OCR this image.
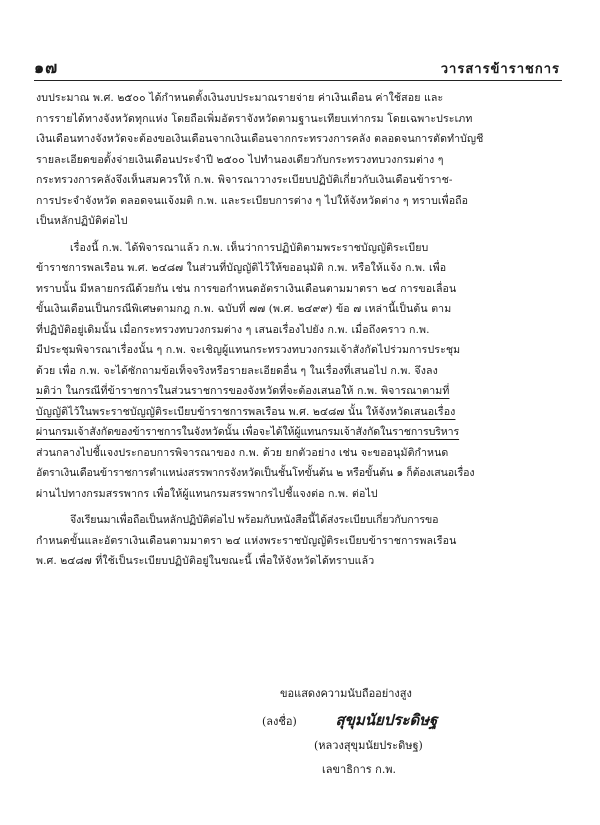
๑๗	วารสารข้าราชการ
งบประมาณ พ.ศ. ๒๕๐๐ ได้กำหนดตั้งเงินงบประมาณรายจ่าย ค่าเงินเดือน ค่าใช้สอย และ
การรายได้ทางจังหวัดทุกแห่ง โดยถือเพิ่มอัตราจังหวัดตามฐานะเทียบเท่ากรม โดยเฉพาะประเภท
เงินเดือนทางจังหวัดจะต้องขอเงินเดือนจากเงินเดือนจากกระทรวงการคลัง ตลอดจนการตัดทำบัญชี
รายละเอียดขอตั้งจ่ายเงินเดือนประจำปี ๒๕๐๐ ไปทำนองเดียวกับกระทรวงทบวงกรมต่าง ๆ
กระทรวงการคลังจึงเห็นสมควรให้ ก.พ. พิจารณาวางระเบียบปฏิบัติเกี่ยวกับเงินเดือนข้าราช-
การประจำจังหวัด ตลอดจนแจ้งมติ ก.พ. และระเบียบการต่าง ๆ ไปให้จังหวัดต่าง ๆ ทราบเพื่อถือ
เป็นหลักปฏิบัติต่อไป
เรื่องนี้ ก.พ. ได้พิจารณาแล้ว ก.พ. เห็นว่าการปฏิบัติตามพระราชบัญญัติระเบียบ
ข้าราชการพลเรือน พ.ศ. ๒๔๘๗ ในส่วนที่บัญญัติไว้ให้ขออนุมัติ ก.พ. หรือให้แจ้ง ก.พ. เพื่อ
ทราบนั้น มีหลายกรณีด้วยกัน เช่น การขอกำหนดอัตราเงินเดือนตามมาตรา ๒๔ การขอเลื่อน
ขั้นเงินเดือนเป็นกรณีพิเศษตามกฎ ก.พ. ฉบับที่ ๗๗ (พ.ศ. ๒๔๙๙) ข้อ ๗ เหล่านี้เป็นต้น ตาม
ที่ปฏิบัติอยู่เดิมนั้น เมื่อกระทรวงทบวงกรมต่าง ๆ เสนอเรื่องไปยัง ก.พ. เมื่อถึงคราว ก.พ.
มีประชุมพิจารณาเรื่องนั้น ๆ ก.พ. จะเชิญผู้แทนกระทรวงทบวงกรมเจ้าสังกัดไปร่วมการประชุม
ด้วย เพื่อ ก.พ. จะได้ซักถามข้อเท็จจริงหรือรายละเอียดอื่น ๆ ในเรื่องที่เสนอไป ก.พ. จึงลง
มติว่า ในกรณีที่ข้าราชการในส่วนราชการของจังหวัดที่จะต้องเสนอให้ ก.พ. พิจารณาตามที่
บัญญัติไว้ในพระราชบัญญัติระเบียบข้าราชการพลเรือน พ.ศ. ๒๔๘๗ นั้น ให้จังหวัดเสนอเรื่อง
ผ่านกรมเจ้าสังกัดของข้าราชการในจังหวัดนั้น เพื่อจะได้ให้ผู้แทนกรมเจ้าสังกัดในราชการบริหาร
ส่วนกลางไปชี้แจงประกอบการพิจารณาของ ก.พ. ด้วย ยกตัวอย่าง เช่น จะขออนุมัติกำหนด
อัตราเงินเดือนข้าราชการตำแหน่งสรรพากรจังหวัดเป็นชั้นโทขั้นต้น ๒ หรือขั้นต้น ๑ ก็ต้องเสนอเรื่อง
ผ่านไปทางกรมสรรพากร เพื่อให้ผู้แทนกรมสรรพากรไปชี้แจงต่อ ก.พ. ต่อไป
จึงเรียนมาเพื่อถือเป็นหลักปฏิบัติต่อไป พร้อมกับหนังสือนี้ได้ส่งระเบียบเกี่ยวกับการขอ
กำหนดขั้นและอัตราเงินเดือนตามมาตรา ๒๔ แห่งพระราชบัญญัติระเบียบข้าราชการพลเรือน
พ.ศ. ๒๔๘๗ ที่ใช้เป็นระเบียบปฏิบัติอยู่ในขณะนี้ เพื่อให้จังหวัดได้ทราบแล้ว
ขอแสดงความนับถืออย่างสูง
(ลงชื่อ)	สุขุมนัยประดิษฐ
(หลวงสุขุมนัยประดิษฐ)
เลขาธิการ ก.พ.
